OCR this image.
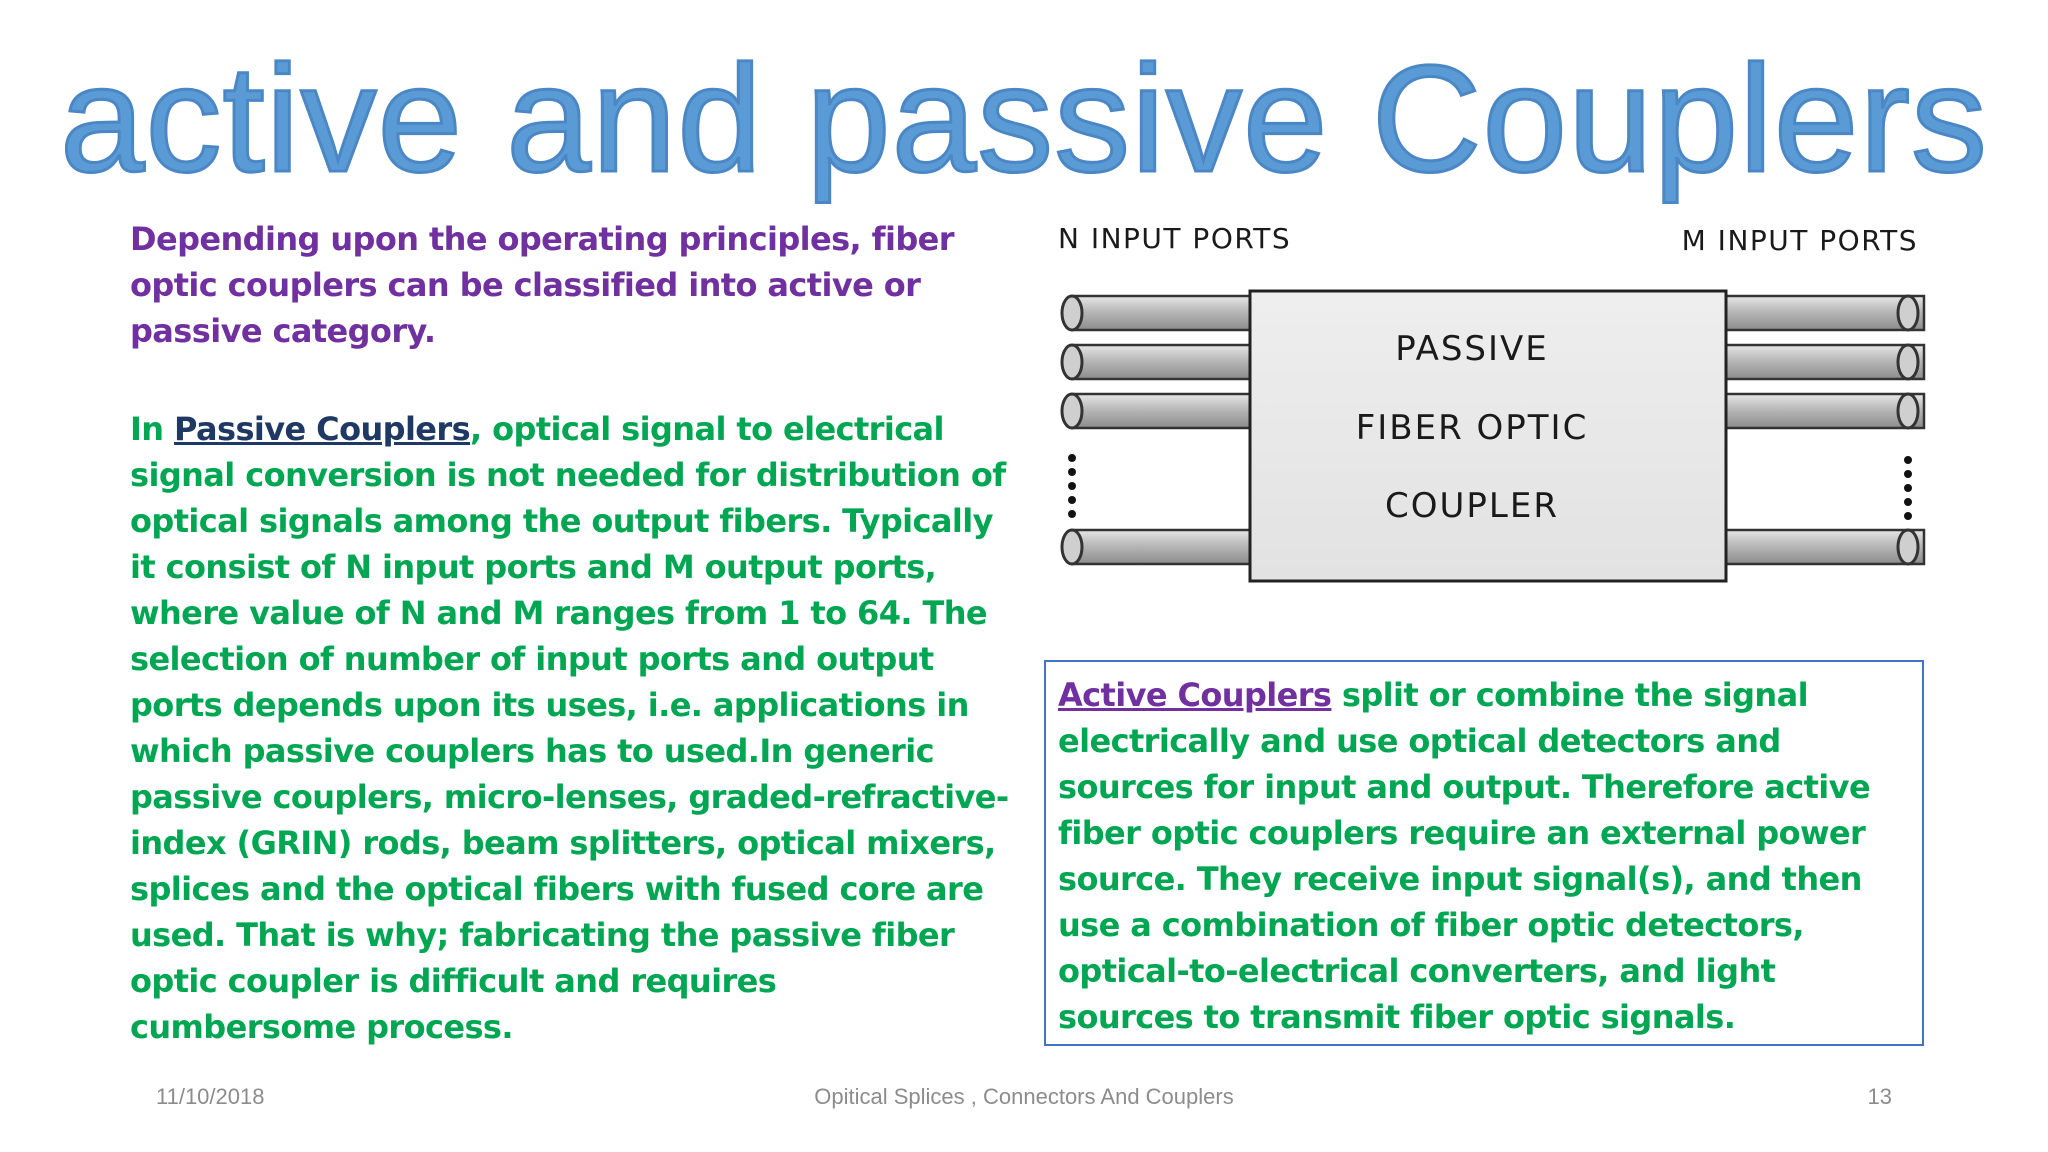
active and passive Couplers

Depending upon the operating principles, fiber optic couplers can be classified into active or passive category.

In Passive Couplers, optical signal to electrical signal conversion is not needed for distribution of optical signals among the output fibers. Typically it consist of N input ports and M output ports, where value of N and M ranges from 1 to 64. The selection of number of input ports and output ports depends upon its uses, i.e. applications in which passive couplers has to used.In generic passive couplers, micro-lenses, graded-refractive-index (GRIN) rods, beam splitters, optical mixers, splices and the optical fibers with fused core are used. That is why; fabricating the passive fiber optic coupler is difficult and requires cumbersome process.

N INPUT PORTS	M INPUT PORTS
PASSIVE
FIBER OPTIC
COUPLER

Active Couplers split or combine the signal electrically and use optical detectors and sources for input and output. Therefore active fiber optic couplers require an external power source. They receive input signal(s), and then use a combination of fiber optic detectors, optical-to-electrical converters, and light sources to transmit fiber optic signals.

11/10/2018	Opitical Splices , Connectors And Couplers	13
